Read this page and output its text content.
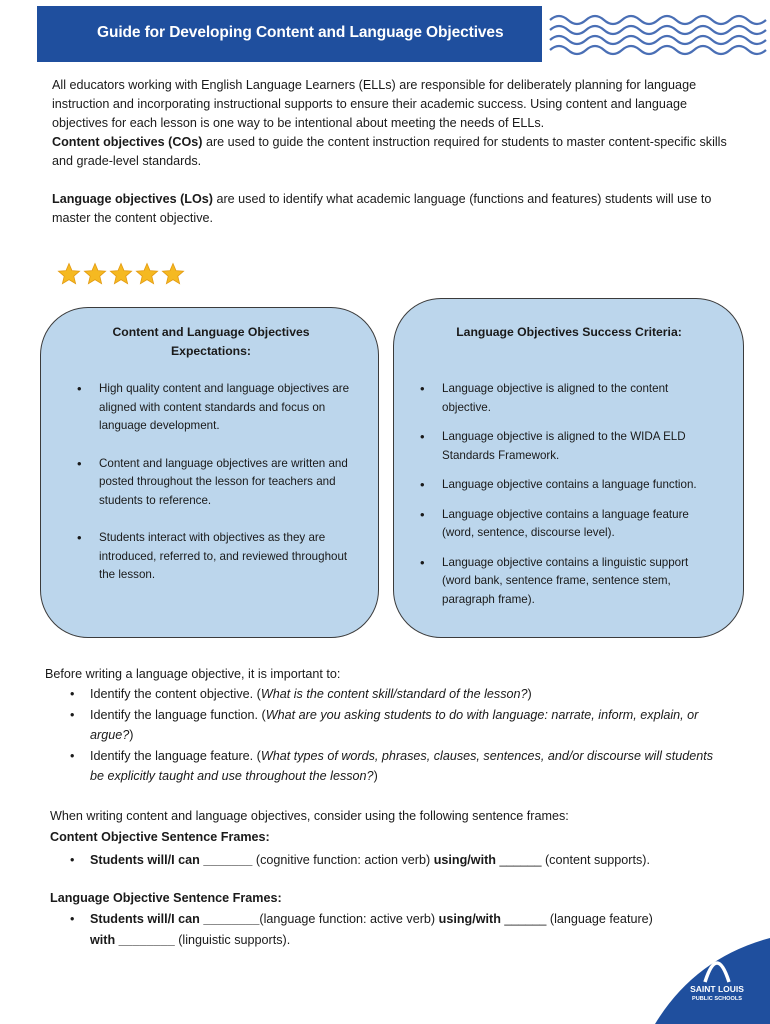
Guide for Developing Content and Language Objectives
All educators working with English Language Learners (ELLs) are responsible for deliberately planning for language instruction and incorporating instructional supports to ensure their academic success. Using content and language objectives for each lesson is one way to be intentional about meeting the needs of ELLs.
Content objectives (COs) are used to guide the content instruction required for students to master content-specific skills and grade-level standards.
Language objectives (LOs) are used to identify what academic language (functions and features) students will use to master the content objective.
Content and Language Objectives Expectations:
• High quality content and language objectives are aligned with content standards and focus on language development.
• Content and language objectives are written and posted throughout the lesson for teachers and students to reference.
• Students interact with objectives as they are introduced, referred to, and reviewed throughout the lesson.
Language Objectives Success Criteria:
• Language objective is aligned to the content objective.
• Language objective is aligned to the WIDA ELD Standards Framework.
• Language objective contains a language function.
• Language objective contains a language feature (word, sentence, discourse level).
• Language objective contains a linguistic support (word bank, sentence frame, sentence stem, paragraph frame).
Before writing a language objective, it is important to:
• Identify the content objective. (What is the content skill/standard of the lesson?)
• Identify the language function. (What are you asking students to do with language: narrate, inform, explain, or argue?)
• Identify the language feature. (What types of words, phrases, clauses, sentences, and/or discourse will students be explicitly taught and use throughout the lesson?)
When writing content and language objectives, consider using the following sentence frames:
Content Objective Sentence Frames:
• Students will/I can _______ (cognitive function: action verb) using/with ______ (content supports).
Language Objective Sentence Frames:
• Students will/I can ________(language function: active verb) using/with ______ (language feature)
with ________ (linguistic supports).
SAINT LOUIS
PUBLIC SCHOOLS
